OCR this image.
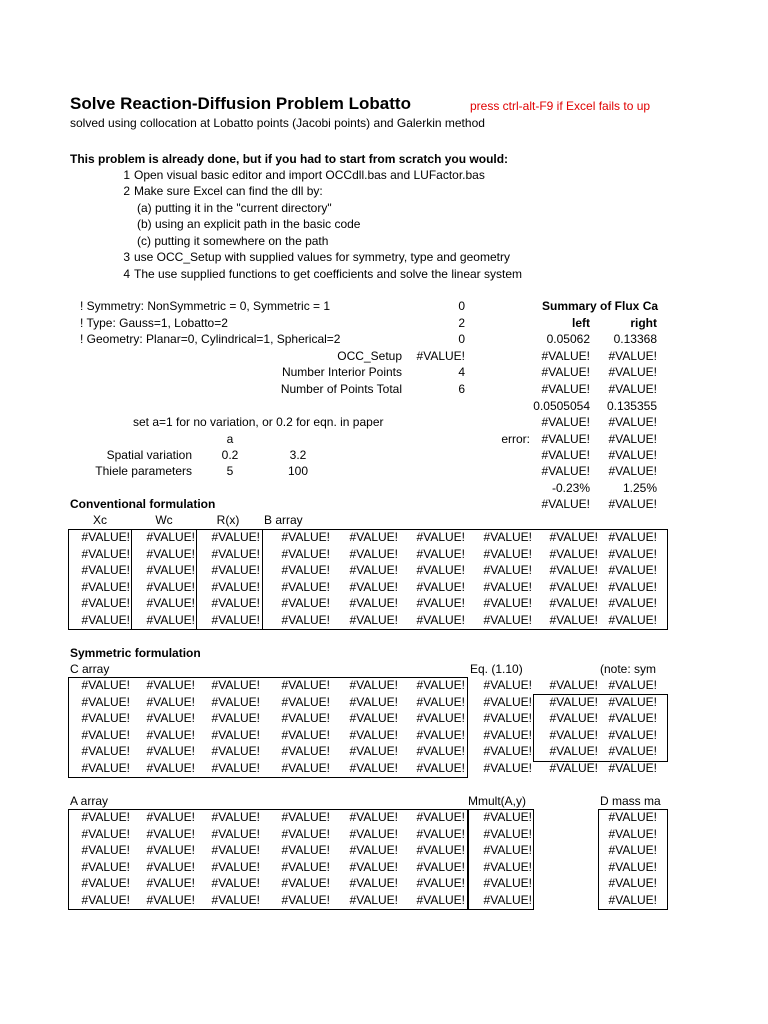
Solve Reaction-Diffusion Problem Lobatto	press ctrl-alt-F9 if Excel fails to up
solved using collocation at Lobatto points (Jacobi points) and Galerkin method
This problem is already done, but if you had to start from scratch you would:
1 Open visual basic editor and import OCCdll.bas and LUFactor.bas
2 Make sure Excel can find the dll by:
(a) putting it in the "current directory"
(b) using an explicit path in the basic code
(c) putting it somewhere on the path
3 use OCC_Setup with supplied values for symmetry, type and geometry
4 The use supplied functions to get coefficients and solve the linear system
! Symmetry: NonSymmetric = 0, Symmetric = 1	0
! Type: Gauss=1, Lobatto=2	2
! Geometry: Planar=0, Cylindrical=1, Spherical=2	0
OCC_Setup	#VALUE!
Number Interior Points	4
Number of Points Total	6
set a=1 for no variation, or 0.2 for eqn. in paper
a
Spatial variation	0.2	3.2
Thiele parameters	5	100
Summary of Flux Ca
left	right
error:
0.05062	0.13368
#VALUE!	#VALUE!
#VALUE!	#VALUE!
#VALUE!	#VALUE!
0.0505054	0.135355
#VALUE!	#VALUE!
#VALUE!	#VALUE!
#VALUE!	#VALUE!
#VALUE!	#VALUE!
-0.23%	1.25%
#VALUE!	#VALUE!
Conventional formulation
Xc	Wc	R(x)	B array
#VALUE!	#VALUE!	#VALUE!	#VALUE!	#VALUE!	#VALUE!	#VALUE!	#VALUE! #VALUE!
#VALUE!	#VALUE!	#VALUE!	#VALUE!	#VALUE!	#VALUE!	#VALUE!	#VALUE! #VALUE!
#VALUE!	#VALUE!	#VALUE!	#VALUE!	#VALUE!	#VALUE!	#VALUE!	#VALUE! #VALUE!
#VALUE!	#VALUE!	#VALUE!	#VALUE!	#VALUE!	#VALUE!	#VALUE!	#VALUE! #VALUE!
#VALUE!	#VALUE!	#VALUE!	#VALUE!	#VALUE!	#VALUE!	#VALUE!	#VALUE! #VALUE!
#VALUE!	#VALUE!	#VALUE!	#VALUE!	#VALUE!	#VALUE!	#VALUE!	#VALUE! #VALUE!
Symmetric formulation
C array	Eq. (1.10)	(note: sym
#VALUE!	#VALUE!	#VALUE!	#VALUE!	#VALUE!	#VALUE!	#VALUE!	#VALUE! #VALUE!
#VALUE!	#VALUE!	#VALUE!	#VALUE!	#VALUE!	#VALUE!	#VALUE!	#VALUE! #VALUE!
#VALUE!	#VALUE!	#VALUE!	#VALUE!	#VALUE!	#VALUE!	#VALUE!	#VALUE! #VALUE!
#VALUE!	#VALUE!	#VALUE!	#VALUE!	#VALUE!	#VALUE!	#VALUE!	#VALUE! #VALUE!
#VALUE!	#VALUE!	#VALUE!	#VALUE!	#VALUE!	#VALUE!	#VALUE!	#VALUE! #VALUE!
#VALUE!	#VALUE!	#VALUE!	#VALUE!	#VALUE!	#VALUE!	#VALUE!	#VALUE! #VALUE!
A array	Mmult(A,y)	D mass ma
#VALUE!	#VALUE!	#VALUE!	#VALUE!	#VALUE!	#VALUE!	#VALUE!	#VALUE!
#VALUE!	#VALUE!	#VALUE!	#VALUE!	#VALUE!	#VALUE!	#VALUE!	#VALUE!
#VALUE!	#VALUE!	#VALUE!	#VALUE!	#VALUE!	#VALUE!	#VALUE!	#VALUE!
#VALUE!	#VALUE!	#VALUE!	#VALUE!	#VALUE!	#VALUE!	#VALUE!	#VALUE!
#VALUE!	#VALUE!	#VALUE!	#VALUE!	#VALUE!	#VALUE!	#VALUE!	#VALUE!
#VALUE!	#VALUE!	#VALUE!	#VALUE!	#VALUE!	#VALUE!	#VALUE!	#VALUE!
